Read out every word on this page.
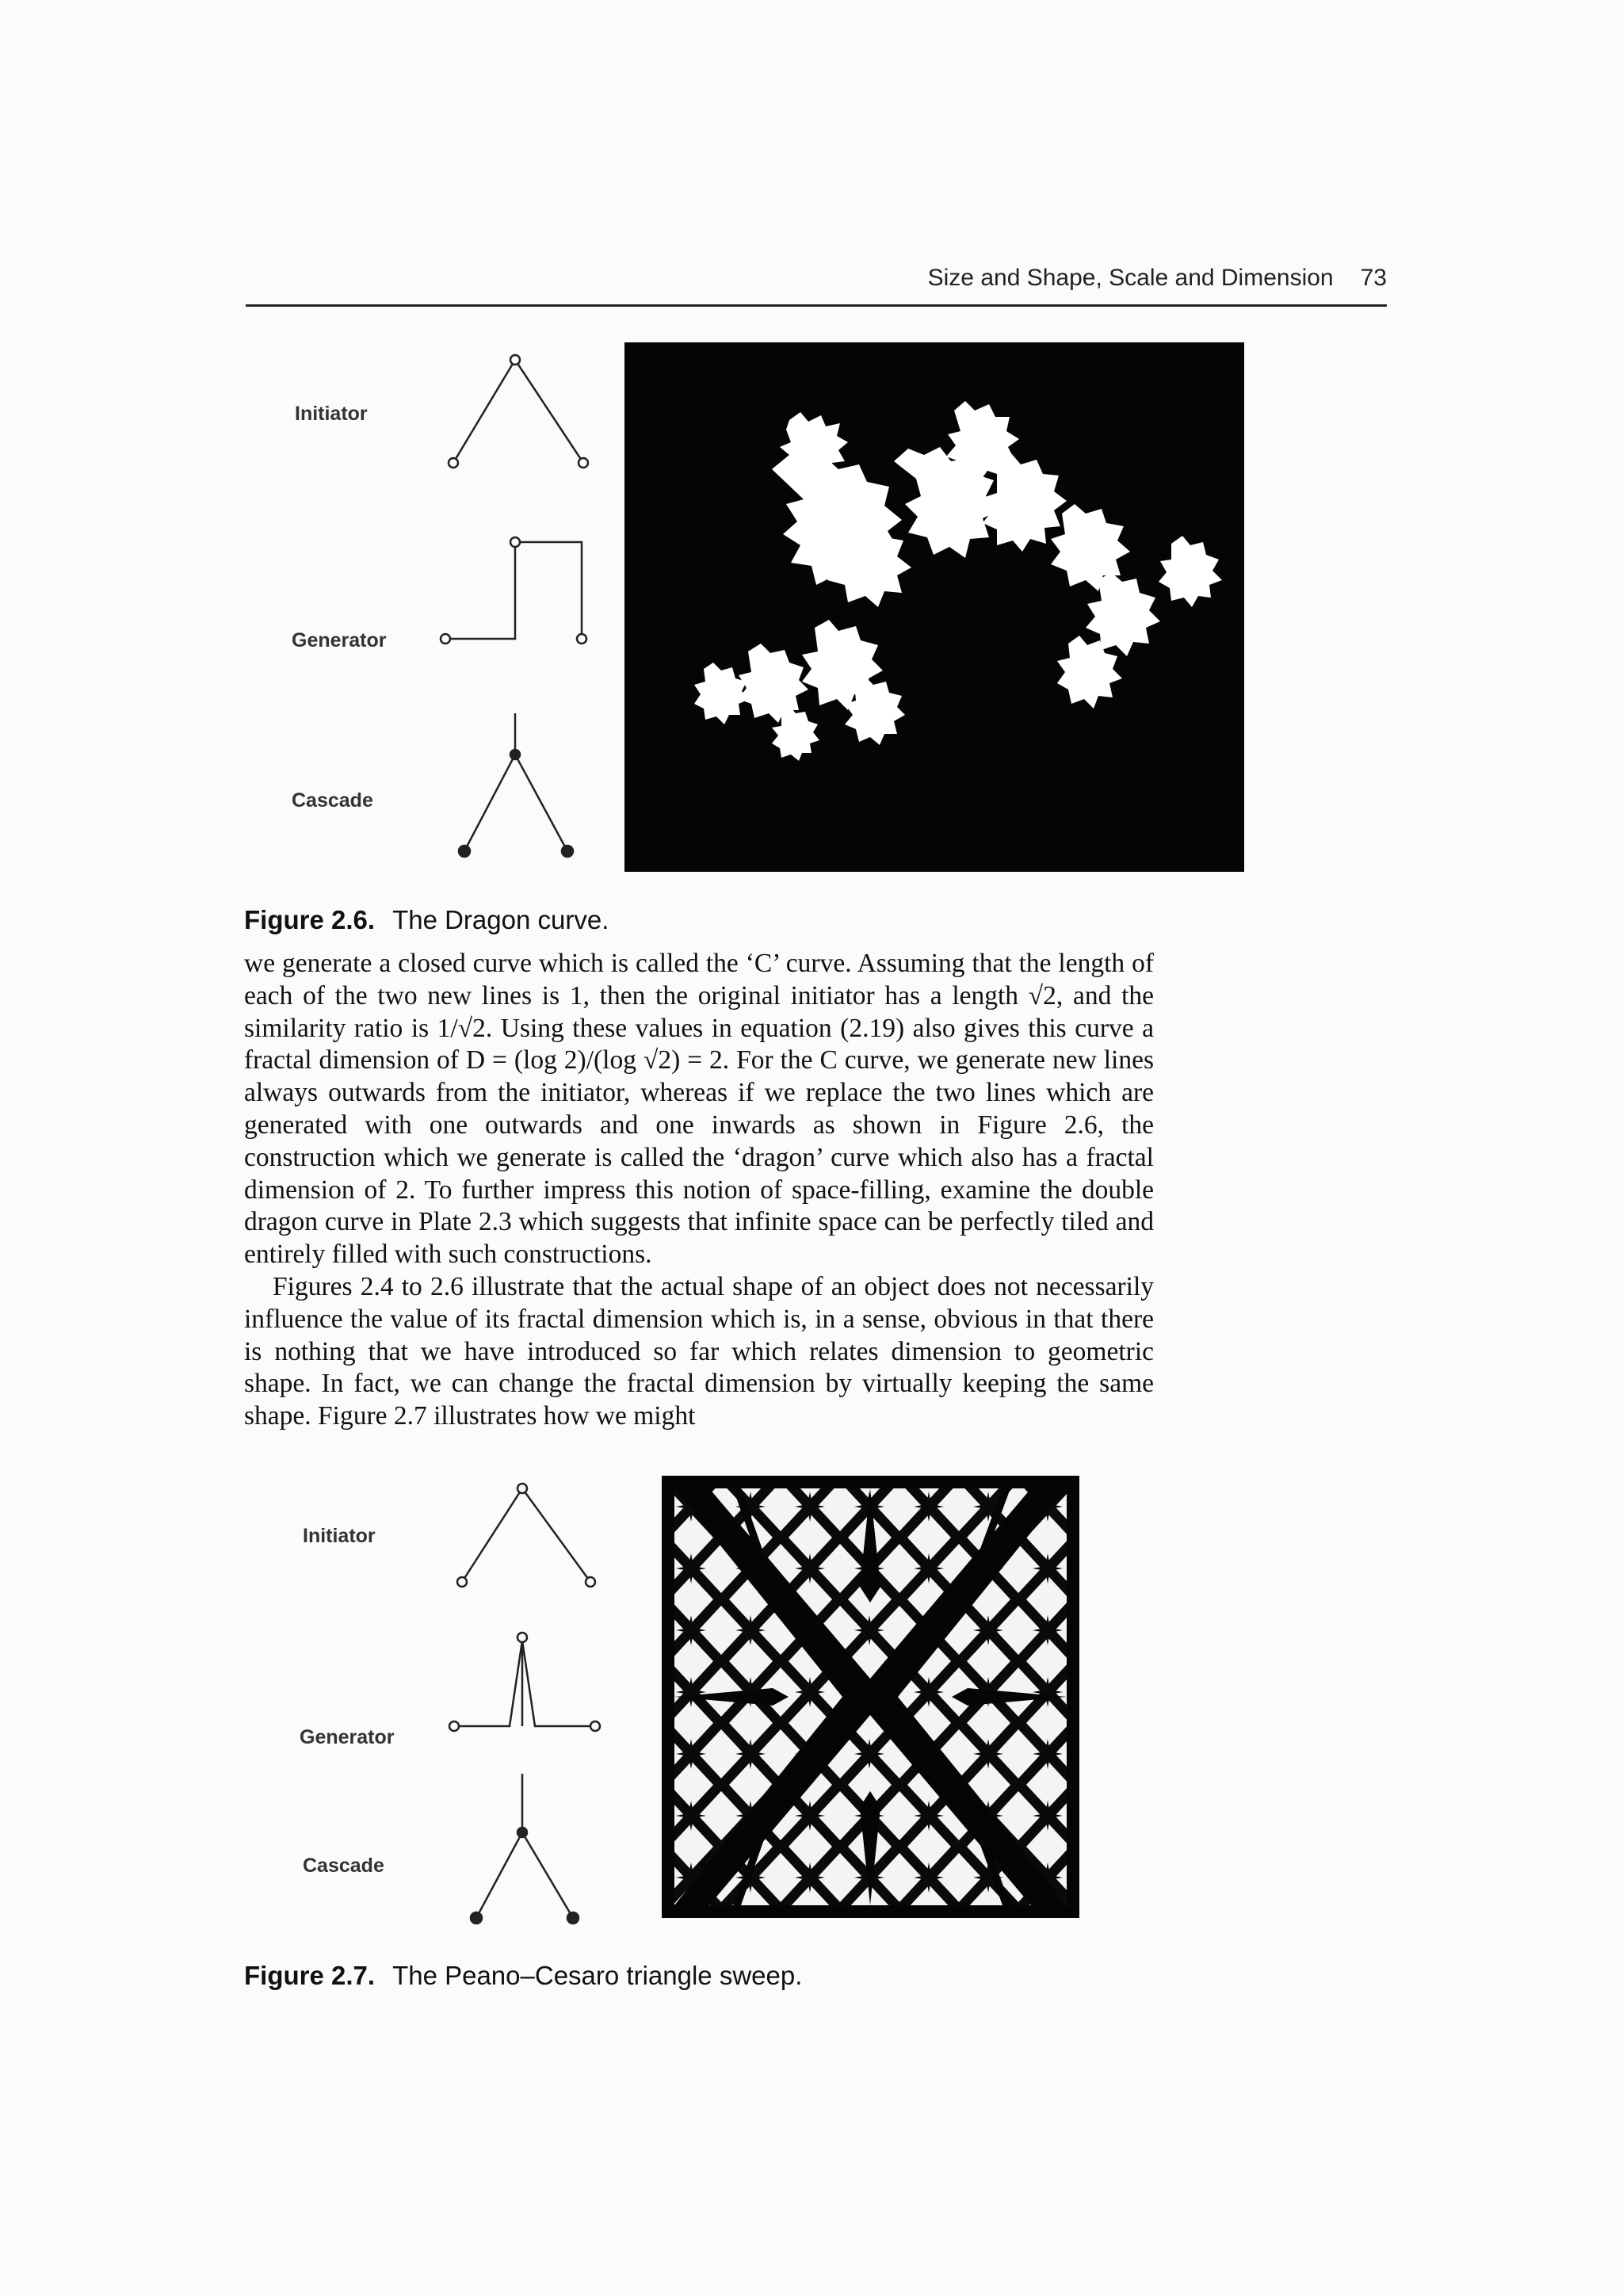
Size and Shape, Scale and Dimension 73
Initiator
Generator
Cascade
Figure 2.6. The Dragon curve.

we generate a closed curve which is called the ‘C’ curve. Assuming that the length of each of the two new lines is 1, then the original initiator has a length √2, and the similarity ratio is 1/√2. Using these values in equation (2.19) also gives this curve a fractal dimension of D = (log 2)/(log √2) = 2. For the C curve, we generate new lines always outwards from the initiator, whereas if we replace the two lines which are generated with one outwards and one inwards as shown in Figure 2.6, the construction which we generate is called the ‘dragon’ curve which also has a fractal dimension of 2. To further impress this notion of space-filling, examine the double dragon curve in Plate 2.3 which suggests that infinite space can be perfectly tiled and entirely filled with such constructions.

Figures 2.4 to 2.6 illustrate that the actual shape of an object does not necessarily influence the value of its fractal dimension which is, in a sense, obvious in that there is nothing that we have introduced so far which relates dimension to geometric shape. In fact, we can change the fractal dimension by virtually keeping the same shape. Figure 2.7 illustrates how we might

Initiator
Generator
Cascade
Figure 2.7. The Peano–Cesaro triangle sweep.
